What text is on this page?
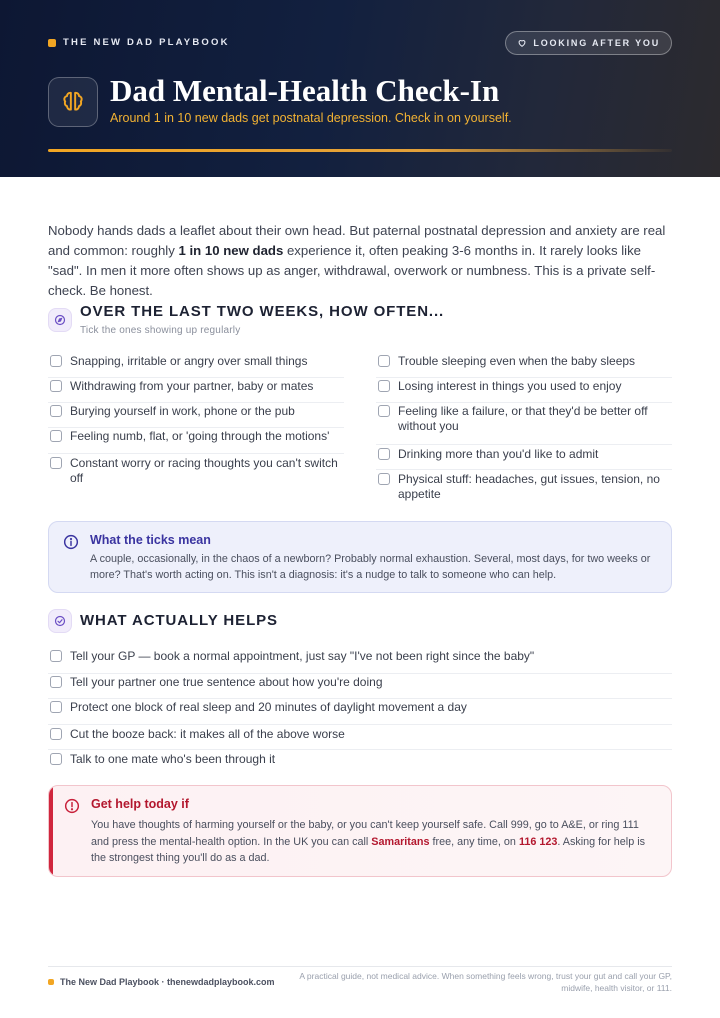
THE NEW DAD PLAYBOOK	LOOKING AFTER YOU
Dad Mental-Health Check-In
Around 1 in 10 new dads get postnatal depression. Check in on yourself.

Nobody hands dads a leaflet about their own head. But paternal postnatal depression and anxiety are real and common: roughly 1 in 10 new dads experience it, often peaking 3-6 months in. It rarely looks like "sad". In men it more often shows up as anger, withdrawal, overwork or numbness. This is a private self-check. Be honest.

OVER THE LAST TWO WEEKS, HOW OFTEN...
Tick the ones showing up regularly
Snapping, irritable or angry over small things
Withdrawing from your partner, baby or mates
Burying yourself in work, phone or the pub
Feeling numb, flat, or 'going through the motions'
Constant worry or racing thoughts you can't switch off
Trouble sleeping even when the baby sleeps
Losing interest in things you used to enjoy
Feeling like a failure, or that they'd be better off without you
Drinking more than you'd like to admit
Physical stuff: headaches, gut issues, tension, no appetite
What the ticks mean
A couple, occasionally, in the chaos of a newborn? Probably normal exhaustion. Several, most days, for two weeks or more? That's worth acting on. This isn't a diagnosis: it's a nudge to talk to someone who can help.
WHAT ACTUALLY HELPS
Tell your GP — book a normal appointment, just say "I've not been right since the baby"
Tell your partner one true sentence about how you're doing
Protect one block of real sleep and 20 minutes of daylight movement a day
Cut the booze back: it makes all of the above worse
Talk to one mate who's been through it
Get help today if
You have thoughts of harming yourself or the baby, or you can't keep yourself safe. Call 999, go to A&E, or ring 111 and press the mental-health option. In the UK you can call Samaritans free, any time, on 116 123. Asking for help is the strongest thing you'll do as a dad.
The New Dad Playbook · thenewdadplaybook.com
A practical guide, not medical advice. When something feels wrong, trust your gut and call your GP, midwife, health visitor, or 111.
